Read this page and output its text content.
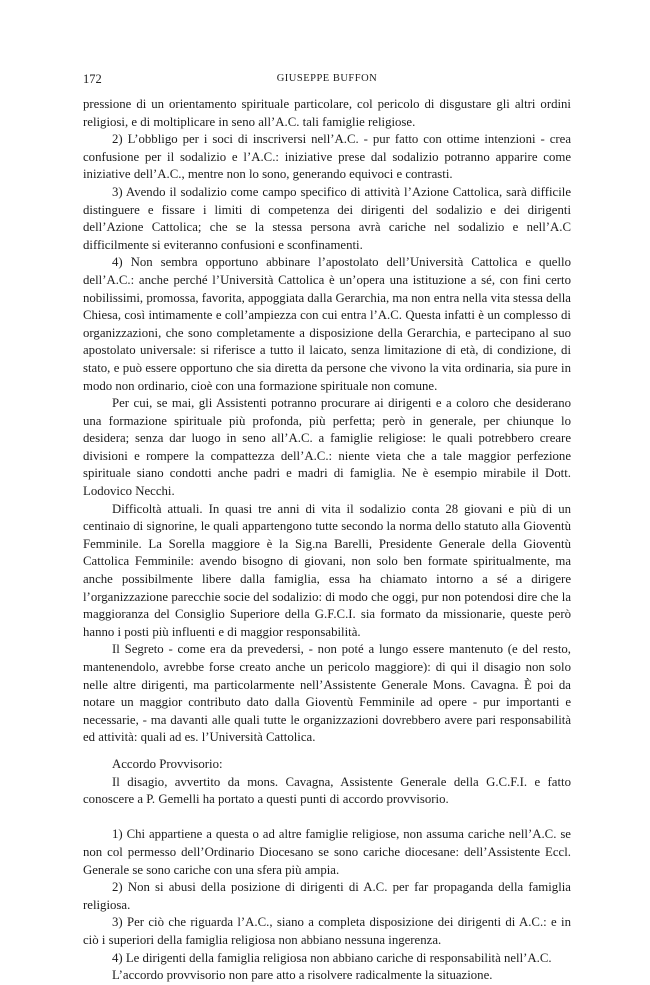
172	GIUSEPPE BUFFON

pressione di un orientamento spirituale particolare, col pericolo di disgustare gli altri ordini religiosi, e di moltiplicare in seno all’A.C. tali famiglie religiose.

2) L’obbligo per i soci di inscriversi nell’A.C. - pur fatto con ottime intenzioni - crea confusione per il sodalizio e l’A.C.: iniziative prese dal sodalizio potranno apparire come iniziative dell’A.C., mentre non lo sono, generando equivoci e contrasti.

3) Avendo il sodalizio come campo specifico di attività l’Azione Cattolica, sarà difficile distinguere e fissare i limiti di competenza dei dirigenti del sodalizio e dei dirigenti dell’Azione Cattolica; che se la stessa persona avrà cariche nel sodalizio e nell’A.C difficilmente si eviteranno confusioni e sconfinamenti.

4) Non sembra opportuno abbinare l’apostolato dell’Università Cattolica e quello dell’A.C.: anche perché l’Università Cattolica è un’opera una istituzione a sé, con fini certo nobilissimi, promossa, favorita, appoggiata dalla Gerarchia, ma non entra nella vita stessa della Chiesa, così intimamente e coll’ampiezza con cui entra l’A.C. Questa infatti è un complesso di organizzazioni, che sono completamente a disposizione della Gerarchia, e partecipano al suo apostolato universale: si riferisce a tutto il laicato, senza limitazione di età, di condizione, di stato, e può essere opportuno che sia diretta da persone che vivono la vita ordinaria, sia pure in modo non ordinario, cioè con una formazione spirituale non comune.

Per cui, se mai, gli Assistenti potranno procurare ai dirigenti e a coloro che desiderano una formazione spirituale più profonda, più perfetta; però in generale, per chiunque lo desidera; senza dar luogo in seno all’A.C. a famiglie religiose: le quali potrebbero creare divisioni e rompere la compattezza dell’A.C.: niente vieta che a tale maggior perfezione spirituale siano condotti anche padri e madri di famiglia. Ne è esempio mirabile il Dott. Lodovico Necchi.

Difficoltà attuali. In quasi tre anni di vita il sodalizio conta 28 giovani e più di un centinaio di signorine, le quali appartengono tutte secondo la norma dello statuto alla Gioventù Femminile. La Sorella maggiore è la Sig.na Barelli, Presidente Generale della Gioventù Cattolica Femminile: avendo bisogno di giovani, non solo ben formate spiritualmente, ma anche possibilmente libere dalla famiglia, essa ha chiamato intorno a sé a dirigere l’organizzazione parecchie socie del sodalizio: di modo che oggi, pur non potendosi dire che la maggioranza del Consiglio Superiore della G.F.C.I. sia formato da missionarie, queste però hanno i posti più influenti e di maggior responsabilità.

Il Segreto - come era da prevedersi, - non poté a lungo essere mantenuto (e del resto, mantenendolo, avrebbe forse creato anche un pericolo maggiore): di qui il disagio non solo nelle altre dirigenti, ma particolarmente nell’Assistente Generale Mons. Cavagna. È poi da notare un maggior contributo dato dalla Gioventù Femminile ad opere - pur importanti e necessarie, - ma davanti alle quali tutte le organizzazioni dovrebbero avere pari responsabilità ed attività: quali ad es. l’Università Cattolica.

Accordo Provvisorio:

Il disagio, avvertito da mons. Cavagna, Assistente Generale della G.C.F.I. e fatto conoscere a P. Gemelli ha portato a questi punti di accordo provvisorio.

1) Chi appartiene a questa o ad altre famiglie religiose, non assuma cariche nell’A.C. se non col permesso dell’Ordinario Diocesano se sono cariche diocesane: dell’Assistente Eccl. Generale se sono cariche con una sfera più ampia.

2) Non si abusi della posizione di dirigenti di A.C. per far propaganda della famiglia religiosa.

3) Per ciò che riguarda l’A.C., siano a completa disposizione dei dirigenti di A.C.: e in ciò i superiori della famiglia religiosa non abbiano nessuna ingerenza.

4) Le dirigenti della famiglia religiosa non abbiano cariche di responsabilità nell’A.C.

L’accordo provvisorio non pare atto a risolvere radicalmente la situazione.
